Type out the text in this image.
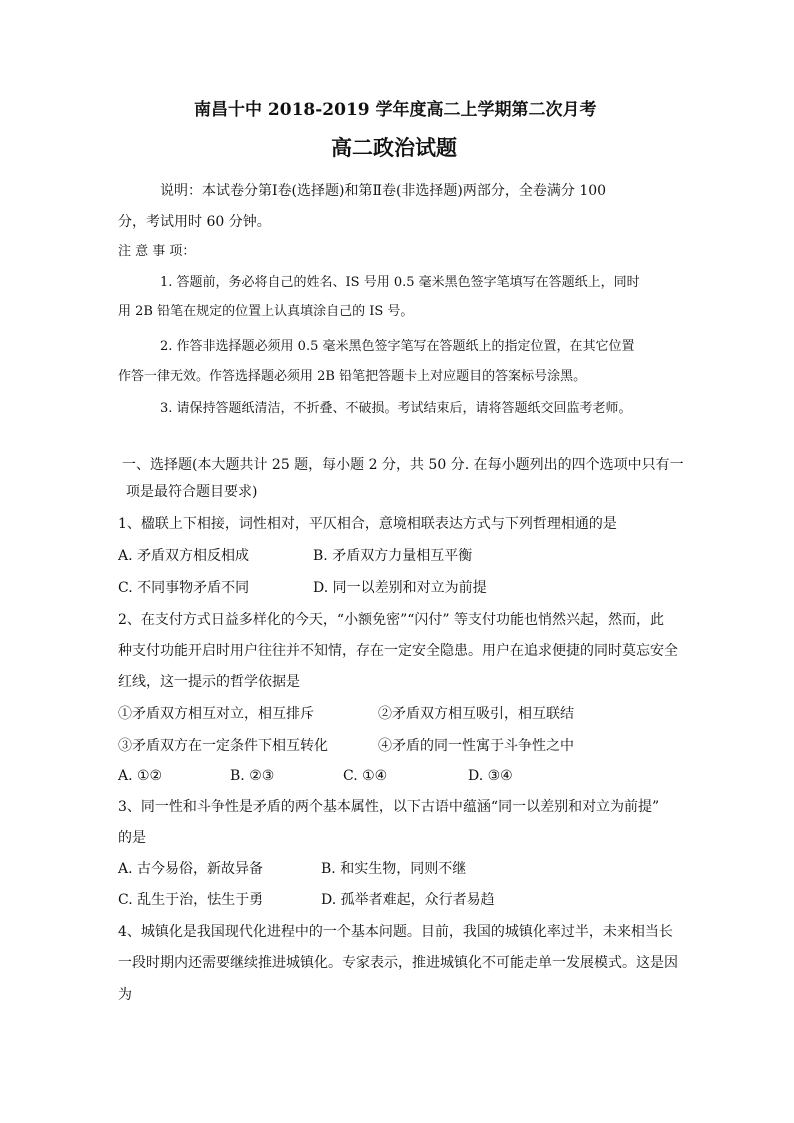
南昌十中 2018-2019 学年度高二上学期第二次月考
高二政治试题
说明：本试卷分第Ⅰ卷(选择题)和第Ⅱ卷(非选择题)两部分，全卷满分 100
分，考试用时 60 分钟。
注 意 事 项：
1. 答题前，务必将自己的姓名、IS 号用 0.5 毫米黑色签字笔填写在答题纸上，同时
用 2B 铅笔在规定的位置上认真填涂自己的 IS 号。
2. 作答非选择题必须用 0.5 毫米黑色签字笔写在答题纸上的指定位置，在其它位置
作答一律无效。作答选择题必须用 2B 铅笔把答题卡上对应题目的答案标号涂黑。
3. 请保持答题纸清洁，不折叠、不破损。考试结束后，请将答题纸交回监考老师。
一、选择题(本大题共计 25 题，每小题 2 分，共 50 分. 在每小题列出的四个选项中只有一
项是最符合题目要求)
1、楹联上下相接，词性相对，平仄相合，意境相联表达方式与下列哲理相通的是
A. 矛盾双方相反相成	B. 矛盾双方力量相互平衡
C. 不同事物矛盾不同	D. 同一以差别和对立为前提
2、在支付方式日益多样化的今天，“小额免密”“闪付” 等支付功能也悄然兴起，然而，此
种支付功能开启时用户往往并不知情，存在一定安全隐患。用户在追求便捷的同时莫忘安全
红线，这一提示的哲学依据是
①矛盾双方相互对立，相互排斥	②矛盾双方相互吸引，相互联结
③矛盾双方在一定条件下相互转化	④矛盾的同一性寓于斗争性之中
A. ①②	B. ②③	C. ①④	D. ③④
3、同一性和斗争性是矛盾的两个基本属性，以下古语中蕴涵“同一以差别和对立为前提”
的是
A. 古今易俗，新故异备	B. 和实生物，同则不继
C. 乱生于治，怯生于勇	D. 孤举者难起，众行者易趋
4、城镇化是我国现代化进程中的一个基本问题。目前，我国的城镇化率过半，未来相当长
一段时期内还需要继续推进城镇化。专家表示，推进城镇化不可能走单一发展模式。这是因
为
